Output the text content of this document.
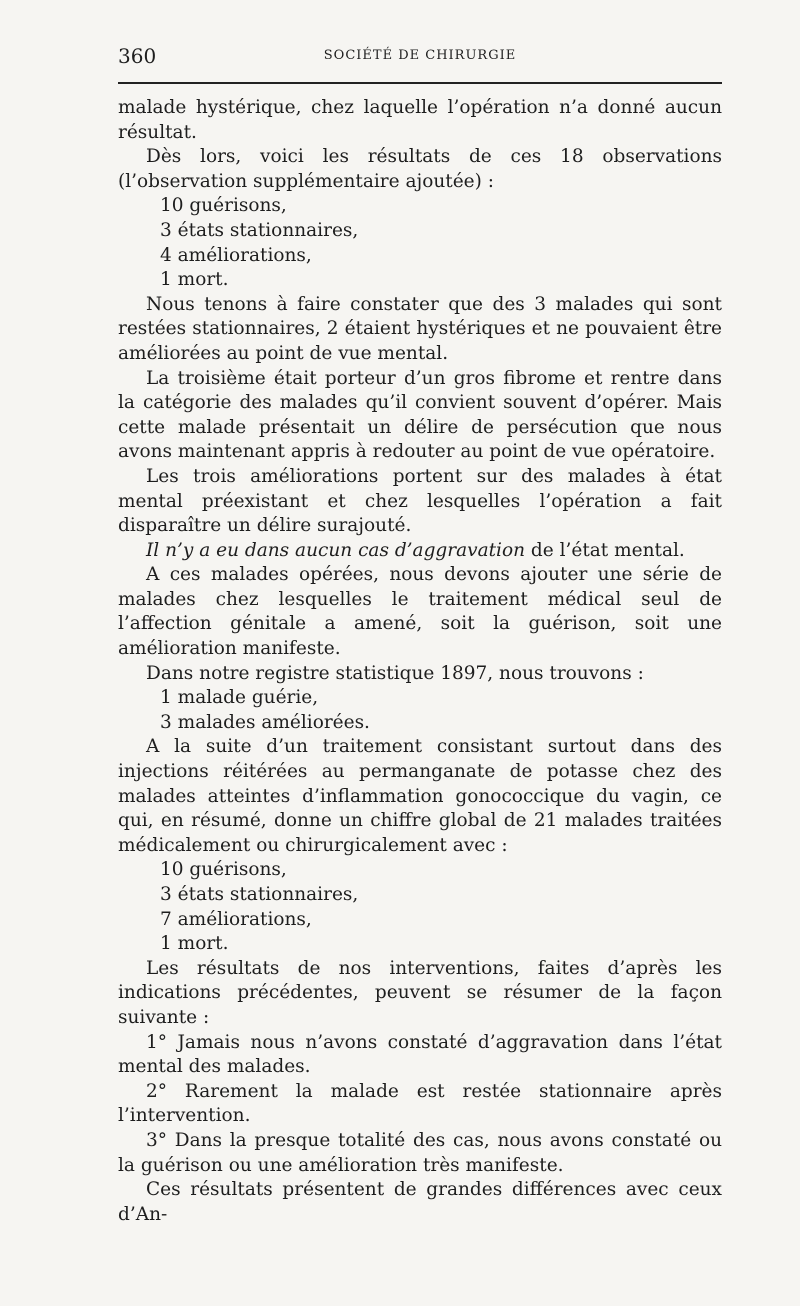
360	SOCIÉTÉ DE CHIRURGIE

malade hystérique, chez laquelle l’opération n’a donné aucun résultat.

Dès lors, voici les résultats de ces 18 observations (l’observation supplémentaire ajoutée) :

10 guérisons,

3 états stationnaires,

4 améliorations,

1 mort.

Nous tenons à faire constater que des 3 malades qui sont restées stationnaires, 2 étaient hystériques et ne pouvaient être améliorées au point de vue mental.

La troisième était porteur d’un gros fibrome et rentre dans la catégorie des malades qu’il convient souvent d’opérer. Mais cette malade présentait un délire de persécution que nous avons maintenant appris à redouter au point de vue opératoire.

Les trois améliorations portent sur des malades à état mental préexistant et chez lesquelles l’opération a fait disparaître un délire surajouté.

Il n’y a eu dans aucun cas d’aggravation de l’état mental.

A ces malades opérées, nous devons ajouter une série de malades chez lesquelles le traitement médical seul de l’affection génitale a amené, soit la guérison, soit une amélioration manifeste.

Dans notre registre statistique 1897, nous trouvons :

1 malade guérie,

3 malades améliorées.

A la suite d’un traitement consistant surtout dans des injections réitérées au permanganate de potasse chez des malades atteintes d’inflammation gonococcique du vagin, ce qui, en résumé, donne un chiffre global de 21 malades traitées médicalement ou chirurgicalement avec :

10 guérisons,

3 états stationnaires,

7 améliorations,

1 mort.

Les résultats de nos interventions, faites d’après les indications précédentes, peuvent se résumer de la façon suivante :

1° Jamais nous n’avons constaté d’aggravation dans l’état mental des malades.

2° Rarement la malade est restée stationnaire après l’intervention.

3° Dans la presque totalité des cas, nous avons constaté ou la guérison ou une amélioration très manifeste.

Ces résultats présentent de grandes différences avec ceux d’An-
